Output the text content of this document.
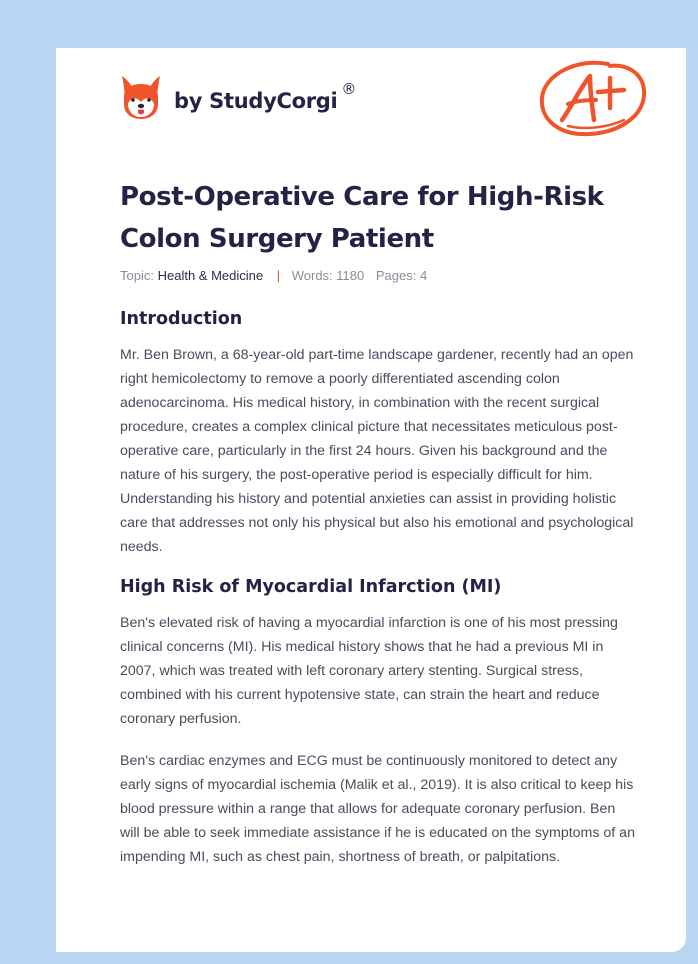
by StudyCorgi ®
Post-Operative Care for High-Risk Colon Surgery Patient
Topic: Health & Medicine | Words: 1180 Pages: 4
Introduction

Mr. Ben Brown, a 68-year-old part-time landscape gardener, recently had an open right hemicolectomy to remove a poorly differentiated ascending colon adenocarcinoma. His medical history, in combination with the recent surgical procedure, creates a complex clinical picture that necessitates meticulous post-operative care, particularly in the first 24 hours. Given his background and the nature of his surgery, the post-operative period is especially difficult for him. Understanding his history and potential anxieties can assist in providing holistic care that addresses not only his physical but also his emotional and psychological needs.

High Risk of Myocardial Infarction (MI)

Ben's elevated risk of having a myocardial infarction is one of his most pressing clinical concerns (MI). His medical history shows that he had a previous MI in 2007, which was treated with left coronary artery stenting. Surgical stress, combined with his current hypotensive state, can strain the heart and reduce coronary perfusion.

Ben's cardiac enzymes and ECG must be continuously monitored to detect any early signs of myocardial ischemia (Malik et al., 2019). It is also critical to keep his blood pressure within a range that allows for adequate coronary perfusion. Ben will be able to seek immediate assistance if he is educated on the symptoms of an impending MI, such as chest pain, shortness of breath, or palpitations.
